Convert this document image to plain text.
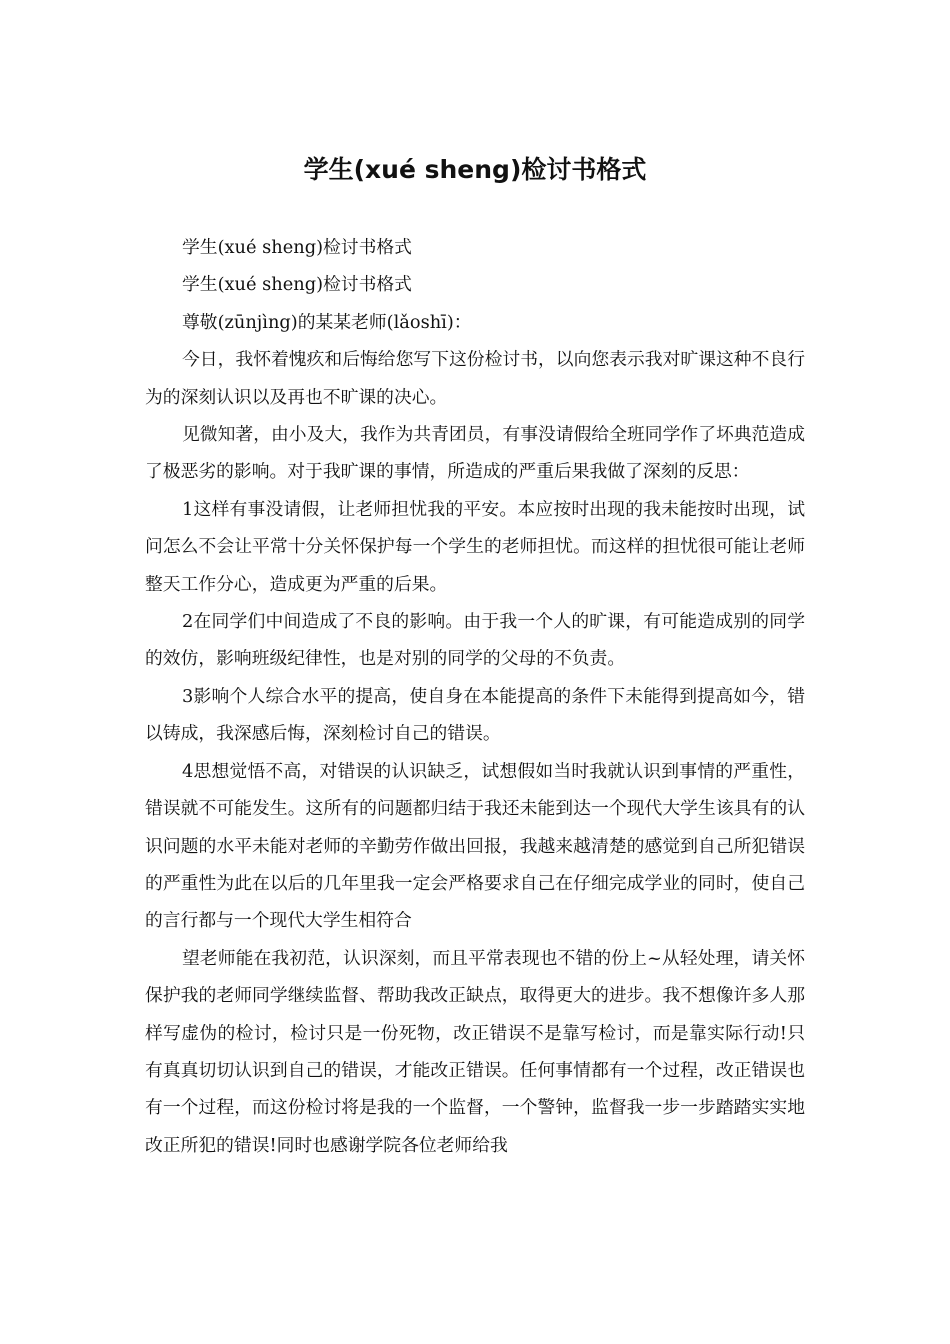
学生(xué sheng)检讨书格式

学生(xué sheng)检讨书格式

学生(xué sheng)检讨书格式

尊敬(zūnjìng)的某某老师(lǎoshī)：

今日，我怀着愧疚和后悔给您写下这份检讨书，以向您表示我对旷课这种不良行为的深刻认识以及再也不旷课的决心。

见微知著，由小及大，我作为共青团员，有事没请假给全班同学作了坏典范造成了极恶劣的影响。对于我旷课的事情，所造成的严重后果我做了深刻的反思：

1这样有事没请假，让老师担忧我的平安。本应按时出现的我未能按时出现，试问怎么不会让平常十分关怀保护每一个学生的老师担忧。而这样的担忧很可能让老师整天工作分心，造成更为严重的后果。

2在同学们中间造成了不良的影响。由于我一个人的旷课，有可能造成别的同学的效仿，影响班级纪律性，也是对别的同学的父母的不负责。

3影响个人综合水平的提高，使自身在本能提高的条件下未能得到提高如今，错以铸成，我深感后悔，深刻检讨自己的错误。

4思想觉悟不高，对错误的认识缺乏，试想假如当时我就认识到事情的严重性，错误就不可能发生。这所有的问题都归结于我还未能到达一个现代大学生该具有的认识问题的水平未能对老师的辛勤劳作做出回报，我越来越清楚的感觉到自己所犯错误的严重性为此在以后的几年里我一定会严格要求自己在仔细完成学业的同时，使自己的言行都与一个现代大学生相符合

望老师能在我初范，认识深刻，而且平常表现也不错的份上~从轻处理，请关怀保护我的老师同学继续监督、帮助我改正缺点，取得更大的进步。我不想像许多人那样写虚伪的检讨，检讨只是一份死物，改正错误不是靠写检讨，而是靠实际行动!只有真真切切认识到自己的错误，才能改正错误。任何事情都有一个过程，改正错误也有一个过程，而这份检讨将是我的一个监督，一个警钟，监督我一步一步踏踏实实地改正所犯的错误!同时也感谢学院各位老师给我
